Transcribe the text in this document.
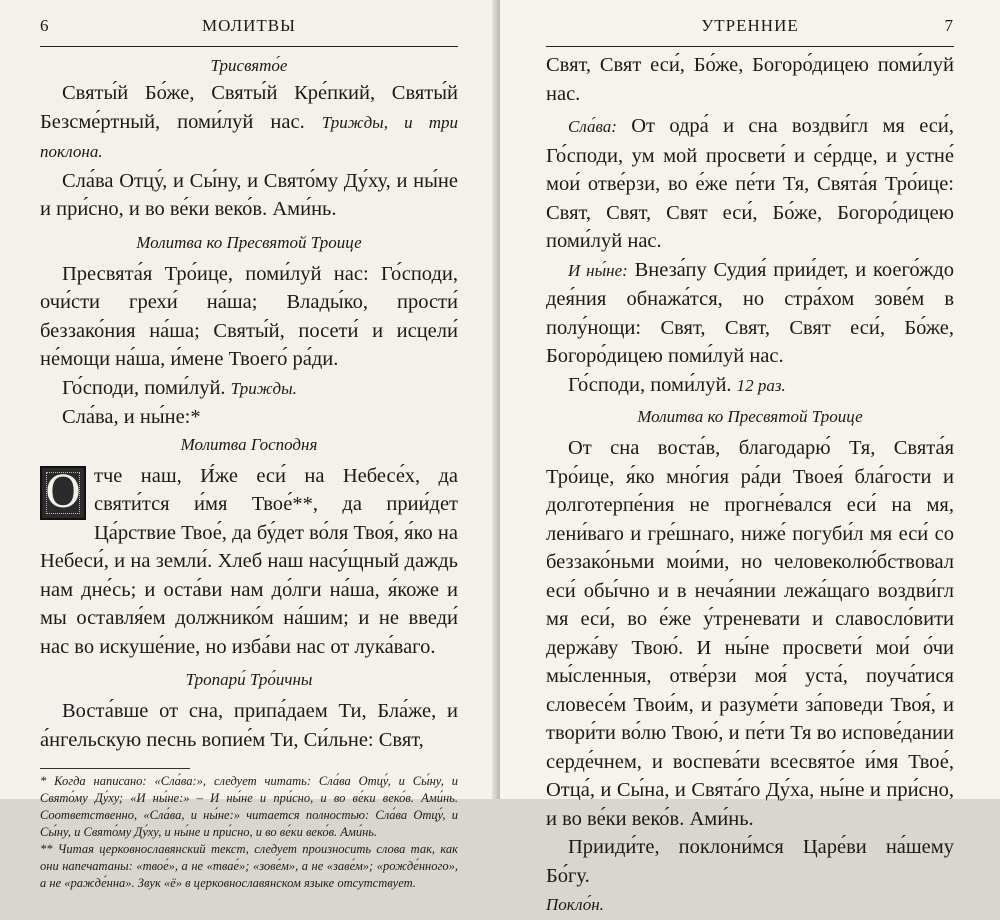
6	МОЛИТВЫ

Трисвято́е

Святы́й Бо́же, Святы́й Кре́пкий, Святы́й Безсме́ртный, поми́луй нас. Трижды, и три поклона.

Сла́ва Отцу́, и Сы́ну, и Свято́му Ду́ху, и ны́не и при́сно, и во ве́ки веко́в. Ами́нь.

Молитва ко Пресвятой Троице

Пресвята́я Тро́ице, поми́луй нас: Го́споди, очи́сти грехи́ на́ша; Влады́ко, прости́ беззако́ния на́ша; Святы́й, посети́ и исцели́ не́мощи на́ша, и́мене Твоего́ ра́ди.

Го́споди, поми́луй. Трижды.

Сла́ва, и ны́не:*

Молитва Господня

О тче наш, И́же еси́ на Небесе́х, да святи́тся и́мя Твое́**, да прии́дет Ца́рствие Твое́, да бу́дет во́ля Твоя́, я́ко на Небеси́, и на земли́. Хлеб наш насу́щный даждь нам дне́сь; и оста́ви нам до́лги на́ша, я́коже и мы оставля́ем должнико́м на́шим; и не введи́ нас во искуше́ние, но изба́ви нас от лука́ваго.

Тропари́ Тро́ичны

Воста́вше от сна, припа́даем Ти, Бла́же, и а́нгельскую песнь вопие́м Ти, Си́льне: Свят,

* Когда написано: «Сла́ва:», следует читать: Сла́ва Отцу́, и Сы́ну, и Свято́му Ду́ху; «И ны́не:» – И ны́не и при́сно, и во ве́ки веко́в. Ами́нь. Соответственно, «Сла́ва, и ны́не:» читается полностью: Сла́ва Отцу́, и Сы́ну, и Свято́му Ду́ху, и ны́не и при́сно, и во ве́ки веко́в. Ами́нь.

** Читая церковнославянский текст, следует произносить слова так, как они напечатаны: «твое́», а не «твае́»; «зове́м», а не «заве́м»; «рожде́нного», а не «ражде́нна». Звук «ё» в церковнославянском языке отсутствует.

УТРЕННИЕ	7

Свят, Свят еси́, Бо́же, Богоро́дицею поми́луй нас.

Сла́ва: От одра́ и сна воздви́гл мя еси́, Го́споди, ум мой просвети́ и се́рдце, и устне́ мои́ отве́рзи, во е́же пе́ти Тя, Свята́я Тро́ице: Свят, Свят, Свят еси́, Бо́же, Богоро́дицею поми́луй нас.

И ны́не: Внеза́пу Судия́ прии́дет, и коего́ждо дея́ния обнажа́тся, но стра́хом зове́м в полу́нощи: Свят, Свят, Свят еси́, Бо́же, Богоро́дицею поми́луй нас.

Го́споди, поми́луй. 12 раз.

Молитва ко Пресвятой Троице

От сна воста́в, благодарю́ Тя, Свята́я Тро́ице, я́ко мно́гия ра́ди Твоея́ бла́гости и долготерпе́ния не прогне́вался еси́ на мя, лени́ваго и гре́шнаго, ниже́ погуби́л мя еси́ со беззако́ньми мои́ми, но человеколю́бствовал еси́ обы́чно и в неча́янии лежа́щаго воздви́гл мя еси́, во е́же у́треневати и славосло́вити держа́ву Твою́. И ны́не просвети́ мои́ о́чи мы́сленныя, отве́рзи моя́ уста́, поуча́тися словесе́м Твои́м, и разуме́ти за́поведи Твоя́, и твори́ти во́лю Твою́, и пе́ти Тя во испове́дании серде́чнем, и воспева́ти всесвято́е и́мя Твое́, Отца́, и Сы́на, и Свята́го Ду́ха, ны́не и при́сно, и во ве́ки веко́в. Ами́нь.

Прииди́те, поклони́мся Царе́ви на́шему Бо́гу.

Покло́н.
